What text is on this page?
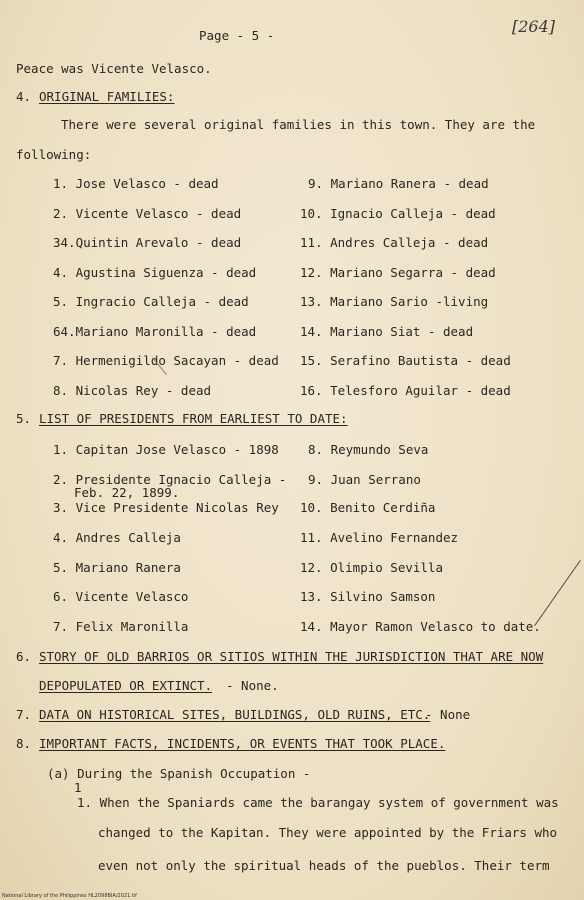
Page - 5 -	[264]
Peace was Vicente Velasco.
4. ORIGINAL FAMILIES:
There were several original families in this town. They are the
following:
1. Jose Velasco - dead
2. Vicente Velasco - dead
34.Quintin Arevalo - dead
4. Agustina Siguenza - dead
5. Ingracio Calleja - dead
64.Mariano Maronilla - dead
7. Hermenigildo Sacayan - dead
8. Nicolas Rey - dead
9. Mariano Ranera - dead
10. Ignacio Calleja - dead
11. Andres Calleja - dead
12. Mariano Segarra - dead
13. Mariano Sario -living
14. Mariano Siat - dead
15. Serafino Bautista - dead
16. Telesforo Aguilar - dead
5. LIST OF PRESIDENTS FROM EARLIEST TO DATE:
1. Capitan Jose Velasco - 1898
2. Presidente Ignacio Calleja -
Feb. 22, 1899.
3. Vice Presidente Nicolas Rey
4. Andres Calleja
5. Mariano Ranera
6. Vicente Velasco
7. Felix Maronilla
8. Reymundo Seva
9. Juan Serrano
10. Benito Cerdiña
11. Avelino Fernandez
12. Olimpio Sevilla
13. Silvino Samson
14. Mayor Ramon Velasco to date.
6. STORY OF OLD BARRIOS OR SITIOS WITHIN THE JURISDICTION THAT ARE NOW
DEPOPULATED OR EXTINCT. - None.
7. DATA ON HISTORICAL SITES, BUILDINGS, OLD RUINS, ETC.
- None
8. IMPORTANT FACTS, INCIDENTS, OR EVENTS THAT TOOK PLACE.
(a) During the Spanish Occupation -
1
1. When the Spaniards came the barangay system of government was
changed to the Kapitan. They were appointed by the Friars who
even not only the spiritual heads of the pueblos. Their term
National Library of the Philippines HL2098BIA/2021.tif
